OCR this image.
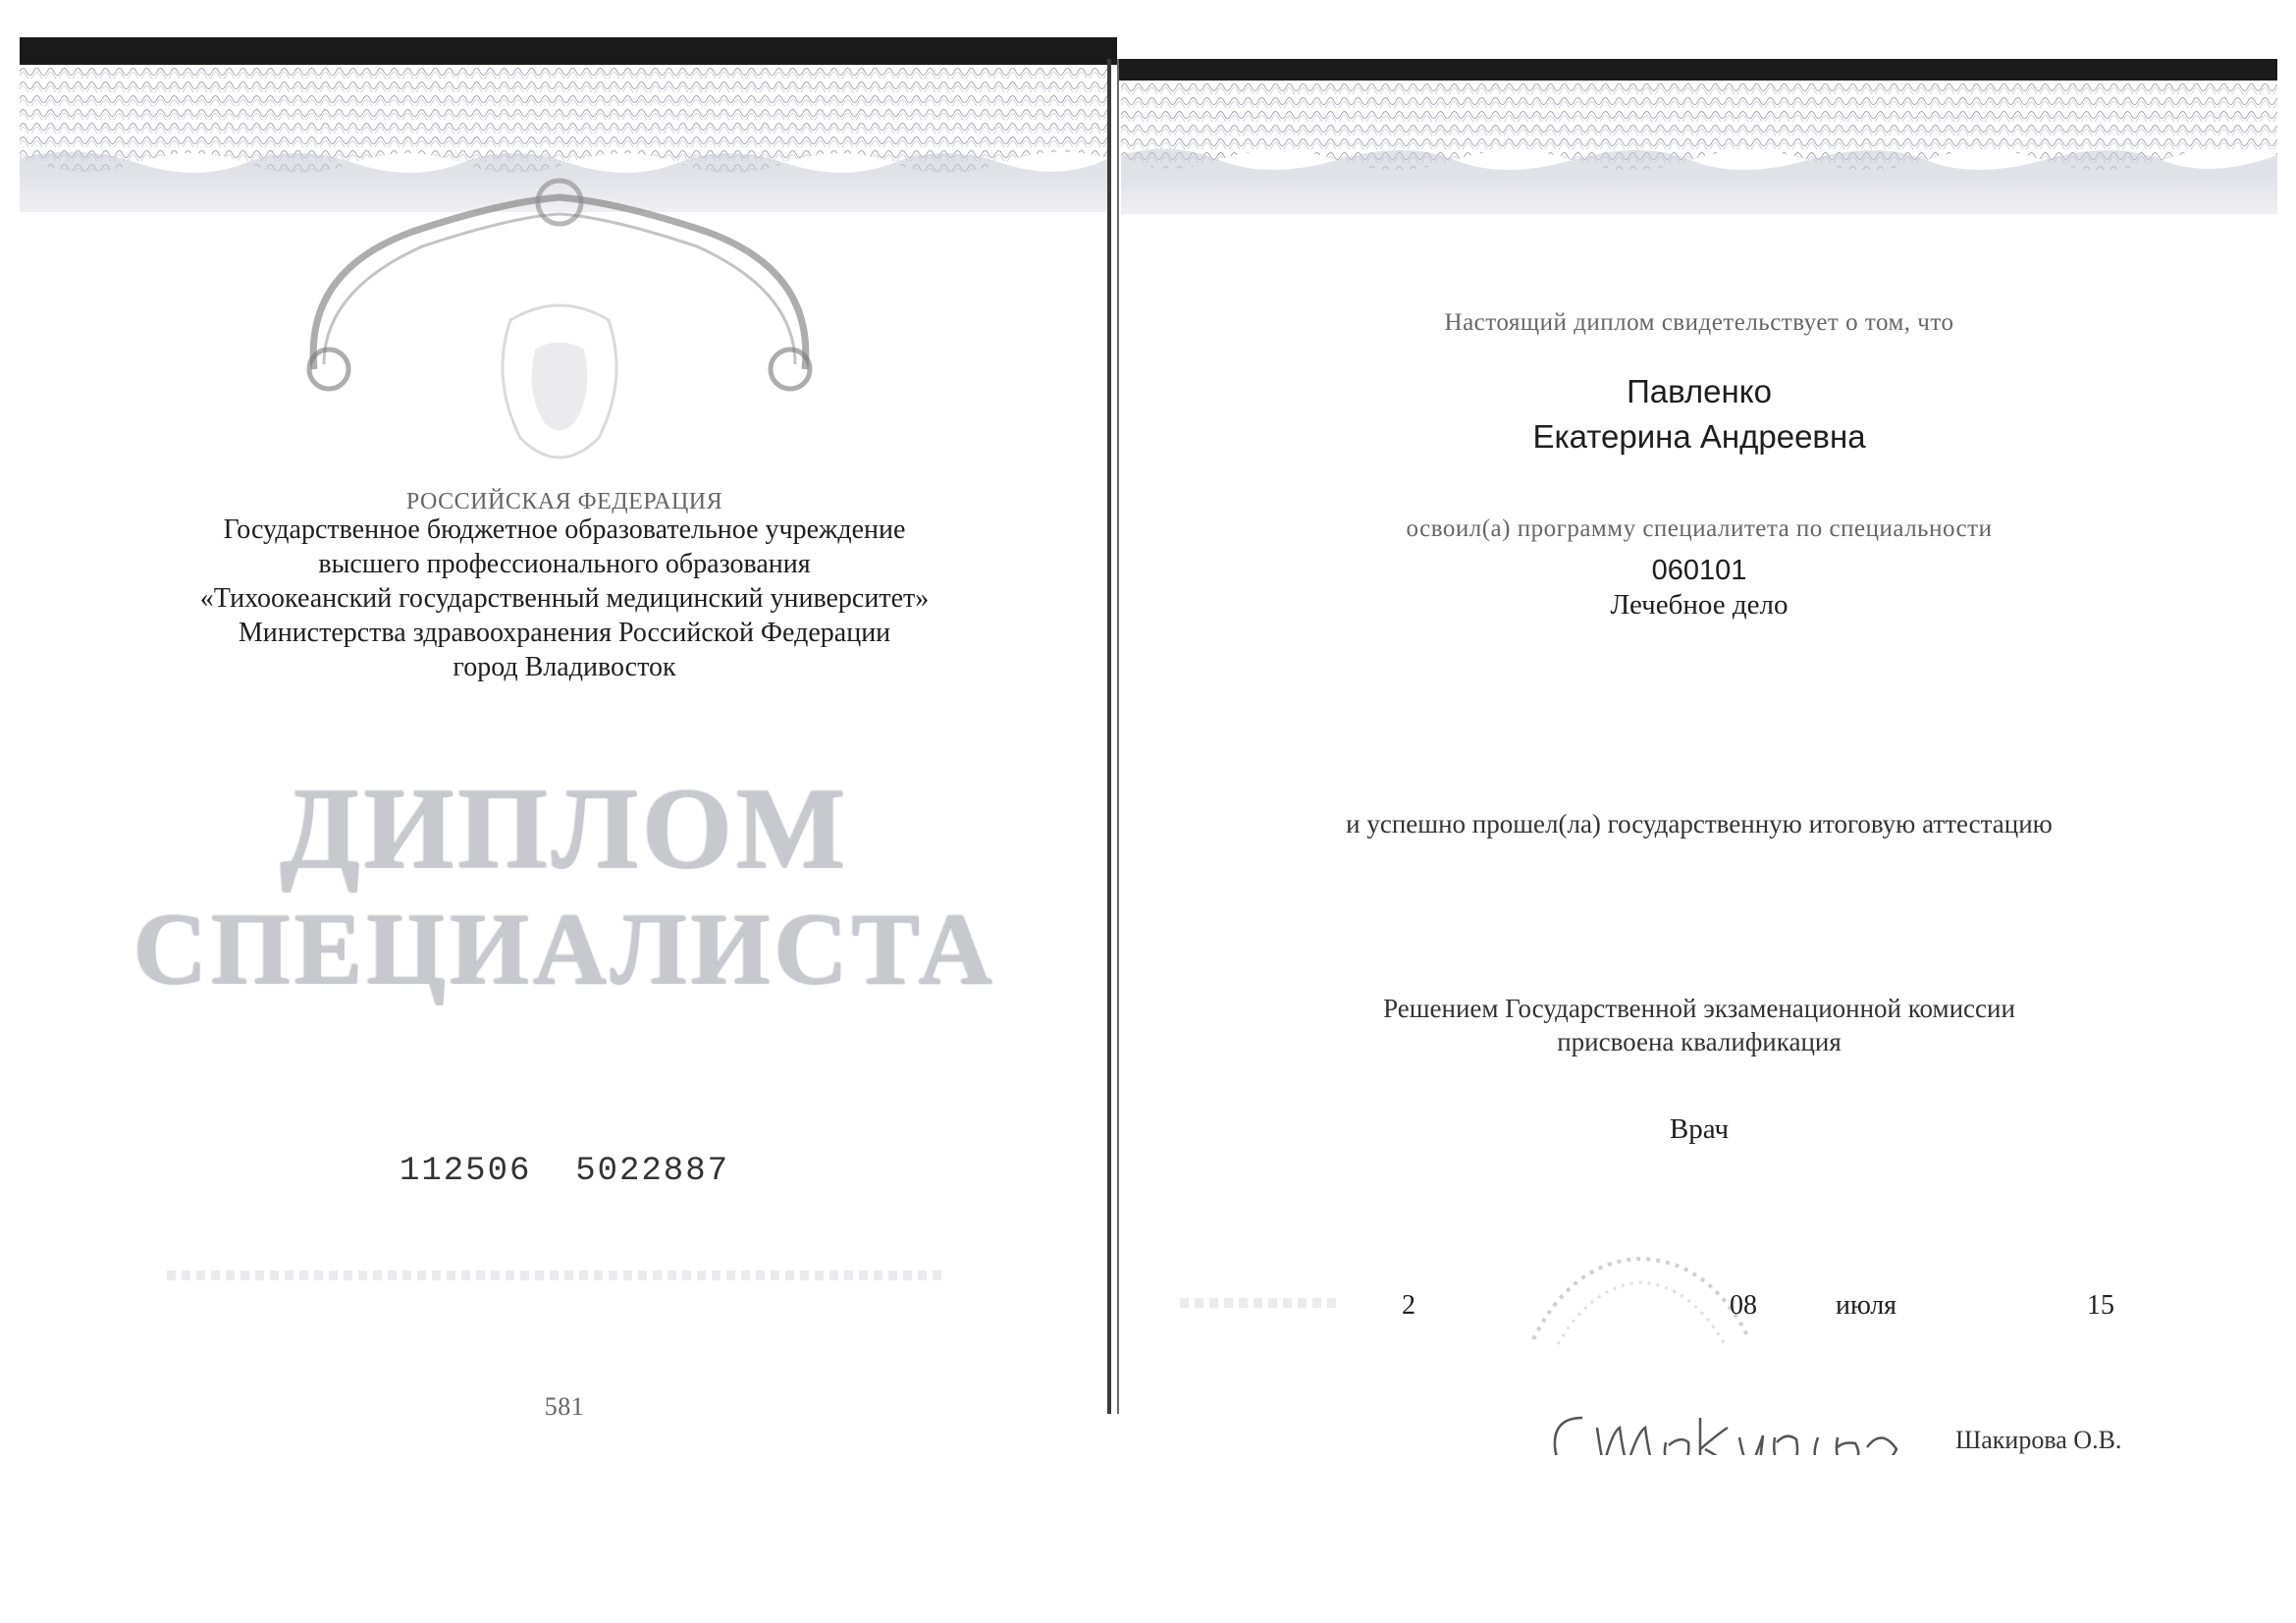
РОССИЙСКАЯ ФЕДЕРАЦИЯ
Государственное бюджетное образовательное учреждение
высшего профессионального образования
«Тихоокеанский государственный медицинский университет»
Министерства здравоохранения Российской Федерации
город Владивосток
ДИПЛОМ
СПЕЦИАЛИСТА
112506  5022887
581
Настоящий диплом свидетельствует о том, что
Павленко
Екатерина Андреевна
освоил(а) программу специалитета по специальности
060101
Лечебное дело
и успешно прошел(ла) государственную итоговую аттестацию
Решением Государственной экзаменационной комиссии
присвоена квалификация
Врач
2	08	июля	15
Шакирова О.В.
